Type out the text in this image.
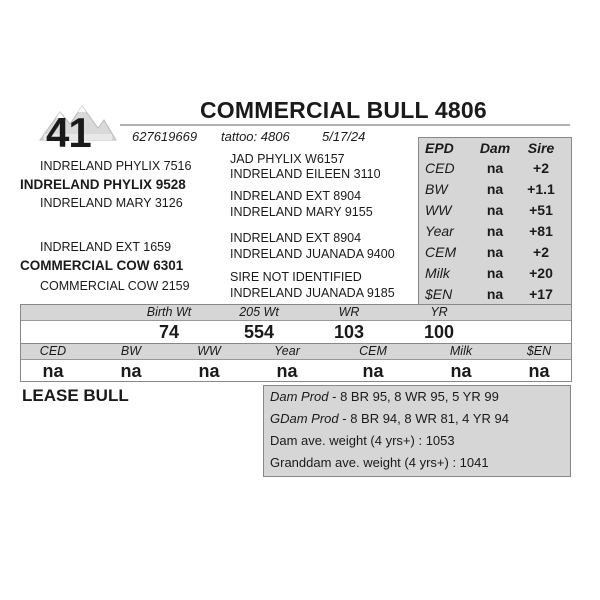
41	COMMERCIAL BULL 4806
627619669 tattoo: 4806 5/17/24
JAD PHYLIX W6157
INDRELAND PHYLIX 7516
INDRELAND EILEEN 3110
INDRELAND PHYLIX 9528
INDRELAND EXT 8904
INDRELAND MARY 3126
INDRELAND MARY 9155
INDRELAND EXT 8904
INDRELAND EXT 1659	INDRELAND JUANADA 9400
COMMERCIAL COW 6301
SIRE NOT IDENTIFIED
COMMERCIAL COW 2159	INDRELAND JUANADA 9185
EPD	Dam	Sire
CED	na	+2
BW	na	+1.1
WW	na	+51
Year	na	+81
CEM	na	+2
Milk	na	+20
$EN	na	+17
Birth Wt	205 Wt	WR	YR
74	554	103	100
CED	BW	WW	Year	CEM	Milk	$EN
na	na	na	na	na	na	na
LEASE BULL	Dam Prod - 8 BR 95, 8 WR 95, 5 YR 99
GDam Prod - 8 BR 94, 8 WR 81, 4 YR 94
Dam ave. weight (4 yrs+) : 1053
Granddam ave. weight (4 yrs+) : 1041
